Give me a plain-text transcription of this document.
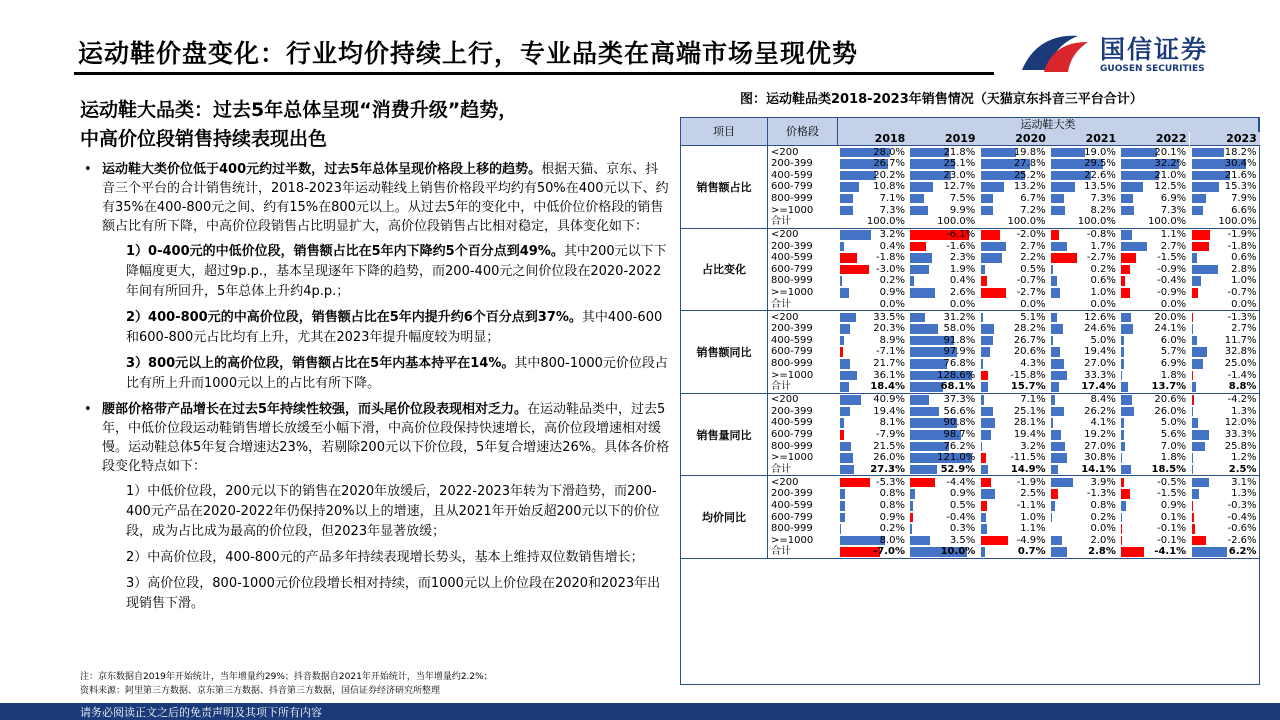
运动鞋价盘变化：行业均价持续上行，专业品类在高端市场呈现优势	国信证券
GUOSEN SECURITIES
运动鞋大品类：过去5年总体呈现“消费升级”趋势，
中高价位段销售持续表现出色
• 运动鞋大类价位低于400元约过半数，过去5年总体呈现价格段上移的趋势。根据天猫、京东、抖音三个平台的合计销售统计，2018-2023年运动鞋线上销售价格段平均约有50%在400元以下、约有35%在400-800元之间、约有15%在800元以上。从过去5年的变化中，中低价位价格段的销售额占比有所下降，中高价位段销售占比明显扩大，高价位段销售占比相对稳定，具体变化如下：
1）0-400元的中低价位段，销售额占比在5年内下降约5个百分点到49%。其中200元以下下降幅度更大，超过9p.p.，基本呈现逐年下降的趋势，而200-400元之间价位段在2020-2022年间有所回升，5年总体上升约4p.p.；
2）400-800元的中高价位段，销售额占比在5年内提升约6个百分点到37%。其中400-600和600-800元占比均有上升，尤其在2023年提升幅度较为明显；
3）800元以上的高价位段，销售额占比在5年内基本持平在14%。其中800-1000元价位段占比有所上升而1000元以上的占比有所下降。
• 腰部价格带产品增长在过去5年持续性较强，而头尾价位段表现相对乏力。在运动鞋品类中，过去5年，中低价位段运动鞋销售增长放缓至小幅下滑，中高价位段保持快速增长，高价位段增速相对缓慢。运动鞋总体5年复合增速达23%，若剔除200元以下价位段，5年复合增速达26%。具体各价格段变化特点如下：
1）中低价位段，200元以下的销售在2020年放缓后，2022-2023年转为下滑趋势，而200-400元产品在2020-2022年仍保持20%以上的增速，且从2021年开始反超200元以下的价位段，成为占比成为最高的价位段，但2023年显著放缓；
2）中高价位段，400-800元的产品多年持续表现增长势头，基本上维持双位数销售增长；
3）高价位段，800-1000元价位段增长相对持续，而1000元以上价位段在2020和2023年出现销售下滑。
注：京东数据自2019年开始统计，当年增量约29%；抖音数据自2021年开始统计，当年增量约2.2%；
资料来源：阿里第三方数据、京东第三方数据、抖音第三方数据，国信证券经济研究所整理
图：运动鞋品类2018-2023年销售情况（天猫京东抖音三平台合计）
项目	价格段
运动鞋大类
2018	2019	2020	2021	2022	2023
销售额占比
<200	28.0%	21.8%	19.8%	19.0%	20.1%	18.2%
200-399	26.7%	25.1%	27.8%	29.5%	32.2%	30.4%
400-599	20.2%	23.0%	25.2%	22.6%	21.0%	21.6%
600-799	10.8%	12.7%	13.2%	13.5%	12.5%	15.3%
800-999	7.1%	7.5%	6.7%	7.3%	6.9%	7.9%
>=1000	7.3%	9.9%	7.2%	8.2%	7.3%	6.6%
合计	100.0%	100.0%	100.0%	100.0%	100.0%	100.0%
占比变化
<200	3.2%	-6.1%	-2.0%	-0.8%	1.1%	-1.9%
200-399	0.4%	-1.6%	2.7%	1.7%	2.7%	-1.8%
400-599	-1.8%	2.3%	2.2%	-2.7%	-1.5%	0.6%
600-799	-3.0%	1.9%	0.5%	0.2%	-0.9%	2.8%
800-999	0.2%	0.4%	-0.7%	0.6%	-0.4%	1.0%
>=1000	0.9%	2.6%	-2.7%	1.0%	-0.9%	-0.7%
合计	0.0%	0.0%	0.0%	0.0%	0.0%	0.0%
销售额同比
<200	33.5%	31.2%	5.1%	12.6%	20.0%	-1.3%
200-399	20.3%	58.0%	28.2%	24.6%	24.1%	2.7%
400-599	8.9%	91.8%	26.7%	5.0%	6.0%	11.7%
600-799	-7.1%	97.9%	20.6%	19.4%	5.7%	32.8%
800-999	21.7%	76.8%	4.3%	27.0%	6.9%	25.0%
>=1000	36.1%	128.6%	-15.8%	33.3%	1.8%	-1.4%
合计	18.4%	68.1%	15.7%	17.4%	13.7%	8.8%
销售量同比
<200	40.9%	37.3%	7.1%	8.4%	20.6%	-4.2%
200-399	19.4%	56.6%	25.1%	26.2%	26.0%	1.3%
400-599	8.1%	90.8%	28.1%	4.1%	5.0%	12.0%
600-799	-7.9%	98.7%	19.4%	19.2%	5.6%	33.3%
800-999	21.5%	76.2%	3.2%	27.0%	7.0%	25.8%
>=1000	26.0%	121.0%	-11.5%	30.8%	1.8%	1.2%
合计	27.3%	52.9%	14.9%	14.1%	18.5%	2.5%
均价同比
<200	-5.3%	-4.4%	-1.9%	3.9%	-0.5%	3.1%
200-399	0.8%	0.9%	2.5%	-1.3%	-1.5%	1.3%
400-599	0.8%	0.5%	-1.1%	0.8%	0.9%	-0.3%
600-799	0.9%	-0.4%	1.0%	0.2%	0.1%	-0.4%
800-999	0.2%	0.3%	1.1%	0.0%	-0.1%	-0.6%
>=1000	8.0%	3.5%	-4.9%	2.0%	-0.1%	-2.6%
合计	-7.0%	10.0%	0.7%	2.8%	-4.1%	6.2%
请务必阅读正文之后的免责声明及其项下所有内容
